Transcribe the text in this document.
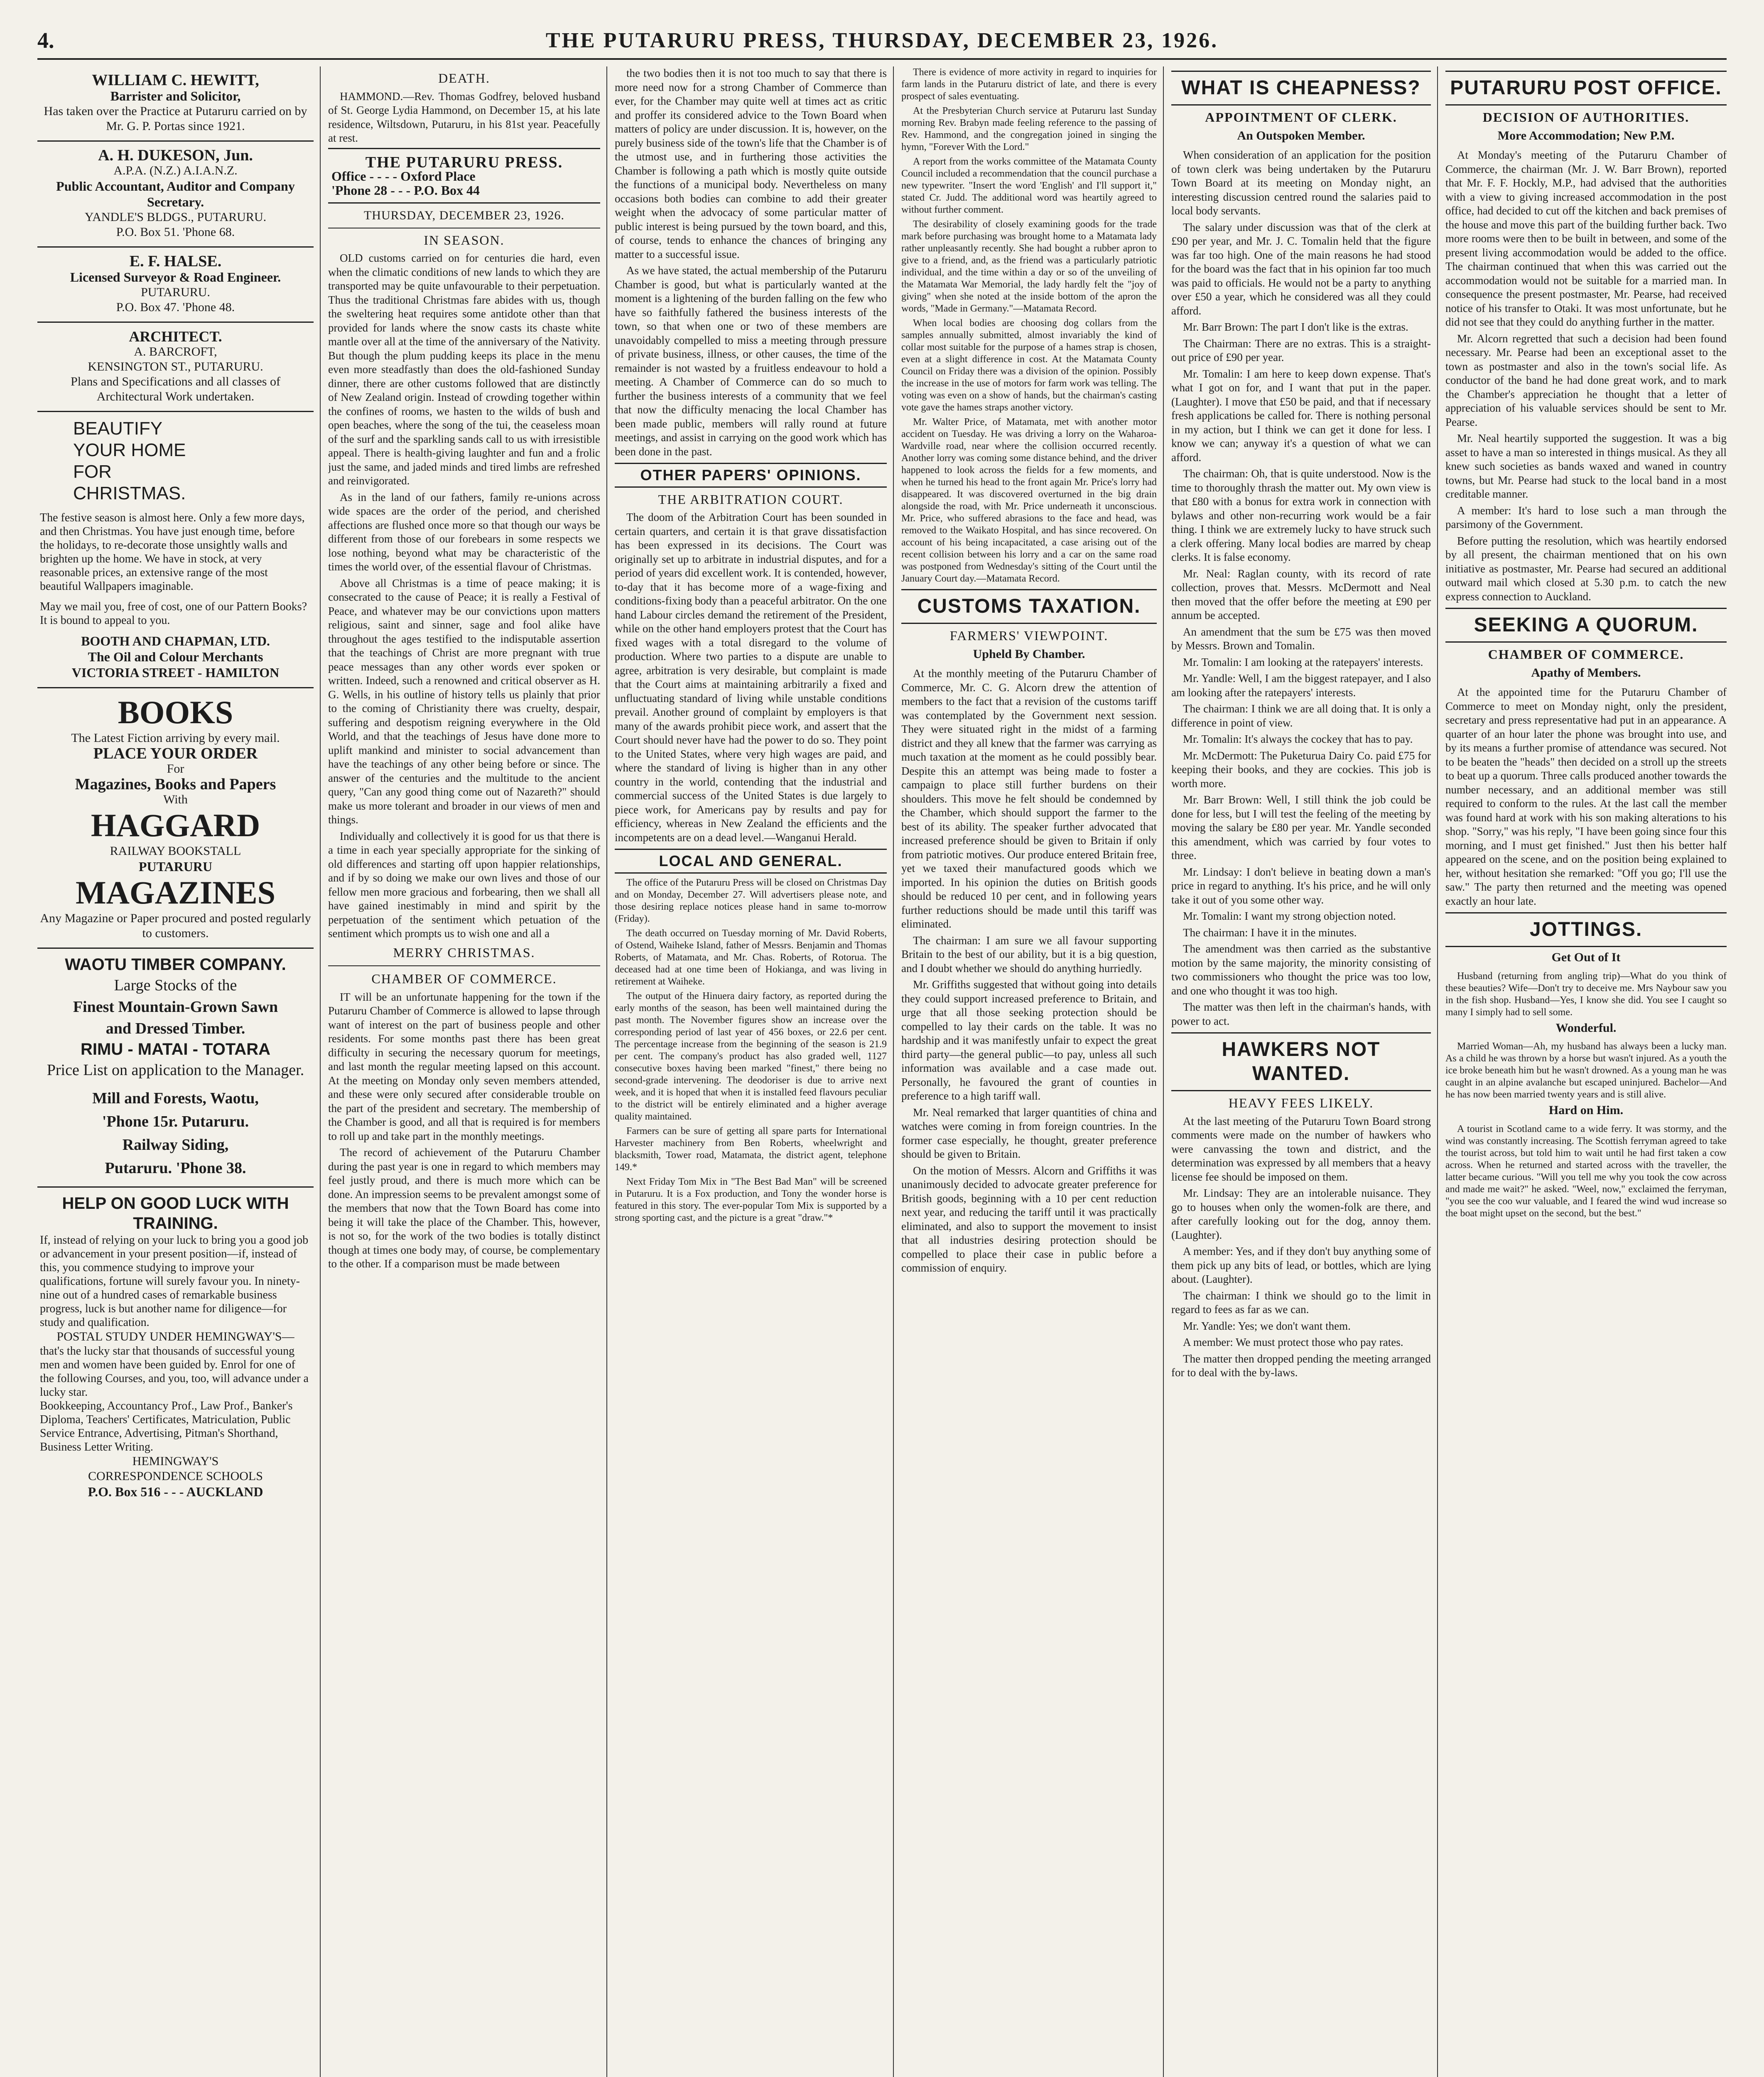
4.	THE PUTARURU PRESS, THURSDAY, DECEMBER 23, 1926.
WILLIAM C. HEWITT,
Barrister and Solicitor,
Has taken over the Practice at Putaruru carried on by Mr. G. P. Portas since 1921.
A. H. DUKESON, Jun.
A.P.A. (N.Z.) A.I.A.N.Z.
Public Accountant, Auditor and Company Secretary.
YANDLE'S BLDGS., PUTARURU.
P.O. Box 51. 'Phone 68.
E. F. HALSE.
Licensed Surveyor & Road Engineer.
PUTARURU.
P.O. Box 47. 'Phone 48.
ARCHITECT.
A. BARCROFT,
KENSINGTON ST., PUTARURU.
Plans and Specifications and all classes of Architectural Work undertaken.
BEAUTIFY
YOUR HOME
FOR
CHRISTMAS.
The festive season is almost here. Only a few more days, and then Christmas. You have just enough time, before the holidays, to re-decorate those unsightly walls and brighten up the home. We have in stock, at very reasonable prices, an extensive range of the most beautiful Wallpapers imaginable.
May we mail you, free of cost, one of our Pattern Books? It is bound to appeal to you.
BOOTH AND CHAPMAN, LTD.
The Oil and Colour Merchants
VICTORIA STREET - HAMILTON
BOOKS
The Latest Fiction arriving by every mail.
PLACE YOUR ORDER
For
Magazines, Books and Papers
With
HAGGARD
RAILWAY BOOKSTALL
PUTARURU
MAGAZINES
Any Magazine or Paper procured and posted regularly to customers.
WAOTU TIMBER COMPANY.
Large Stocks of the
Finest Mountain-Grown Sawn
and Dressed Timber.
RIMU - MATAI - TOTARA
Price List on application to the Manager.
Mill and Forests, Waotu,
'Phone 15r. Putaruru.
Railway Siding,
Putaruru. 'Phone 38.
HELP ON GOOD LUCK WITH TRAINING.
If, instead of relying on your luck to bring you a good job or advancement in your present position—if, instead of this, you commence studying to improve your qualifications, fortune will surely favour you. In ninety-nine out of a hundred cases of remarkable business progress, luck is but another name for diligence—for study and qualification.
POSTAL STUDY UNDER HEMINGWAY'S—
that's the lucky star that thousands of successful young men and women have been guided by. Enrol for one of the following Courses, and you, too, will advance under a lucky star.
Bookkeeping, Accountancy Prof., Law Prof., Banker's Diploma, Teachers' Certificates, Matriculation, Public Service Entrance, Advertising, Pitman's Shorthand, Business Letter Writing.
HEMINGWAY'S
CORRESPONDENCE SCHOOLS
P.O. Box 516 - - - AUCKLAND
DEATH.

HAMMOND.—Rev. Thomas Godfrey, beloved husband of St. George Lydia Hammond, on December 15, at his late residence, Wiltsdown, Putaruru, in his 81st year. Peacefully at rest.

THE PUTARURU PRESS.
Office - - - - Oxford Place
'Phone 28 - - - P.O. Box 44
THURSDAY, DECEMBER 23, 1926.
IN SEASON.

OLD customs carried on for centuries die hard, even when the climatic conditions of new lands to which they are transported may be quite unfavourable to their perpetuation. Thus the traditional Christmas fare abides with us, though the sweltering heat requires some antidote other than that provided for lands where the snow casts its chaste white mantle over all at the time of the anniversary of the Nativity. But though the plum pudding keeps its place in the menu even more steadfastly than does the old-fashioned Sunday dinner, there are other customs followed that are distinctly of New Zealand origin. Instead of crowding together within the confines of rooms, we hasten to the wilds of bush and open beaches, where the song of the tui, the ceaseless moan of the surf and the sparkling sands call to us with irresistible appeal. There is health-giving laughter and fun and a frolic just the same, and jaded minds and tired limbs are refreshed and reinvigorated.

As in the land of our fathers, family re-unions across wide spaces are the order of the period, and cherished affections are flushed once more so that though our ways be different from those of our forebears in some respects we lose nothing, beyond what may be characteristic of the times the world over, of the essential flavour of Christmas.

Above all Christmas is a time of peace making; it is consecrated to the cause of Peace; it is really a Festival of Peace, and whatever may be our convictions upon matters religious, saint and sinner, sage and fool alike have throughout the ages testified to the indisputable assertion that the teachings of Christ are more pregnant with true peace messages than any other words ever spoken or written. Indeed, such a renowned and critical observer as H. G. Wells, in his outline of history tells us plainly that prior to the coming of Christianity there was cruelty, despair, suffering and despotism reigning everywhere in the Old World, and that the teachings of Jesus have done more to uplift mankind and minister to social advancement than have the teachings of any other being before or since. The answer of the centuries and the multitude to the ancient query, "Can any good thing come out of Nazareth?" should make us more tolerant and broader in our views of men and things.

Individually and collectively it is good for us that there is a time in each year specially appropriate for the sinking of old differences and starting off upon happier relationships, and if by so doing we make our own lives and those of our fellow men more gracious and forbearing, then we shall all have gained inestimably in mind and spirit by the perpetuation of the sentiment which petuation of the sentiment which prompts us to wish one and all a

MERRY CHRISTMAS.
CHAMBER OF COMMERCE.

IT will be an unfortunate happening for the town if the Putaruru Chamber of Commerce is allowed to lapse through want of interest on the part of business people and other residents. For some months past there has been great difficulty in securing the necessary quorum for meetings, and last month the regular meeting lapsed on this account. At the meeting on Monday only seven members attended, and these were only secured after considerable trouble on the part of the president and secretary. The membership of the Chamber is good, and all that is required is for members to roll up and take part in the monthly meetings.

The record of achievement of the Putaruru Chamber during the past year is one in regard to which members may feel justly proud, and there is much more which can be done. An impression seems to be prevalent amongst some of the members that now that the Town Board has come into being it will take the place of the Chamber. This, however, is not so, for the work of the two bodies is totally distinct though at times one body may, of course, be complementary to the other. If a comparison must be made between

the two bodies then it is not too much to say that there is more need now for a strong Chamber of Commerce than ever, for the Chamber may quite well at times act as critic and proffer its considered advice to the Town Board when matters of policy are under discussion. It is, however, on the purely business side of the town's life that the Chamber is of the utmost use, and in furthering those activities the Chamber is following a path which is mostly quite outside the functions of a municipal body. Nevertheless on many occasions both bodies can combine to add their greater weight when the advocacy of some particular matter of public interest is being pursued by the town board, and this, of course, tends to enhance the chances of bringing any matter to a successful issue.

As we have stated, the actual membership of the Putaruru Chamber is good, but what is particularly wanted at the moment is a lightening of the burden falling on the few who have so faithfully fathered the business interests of the town, so that when one or two of these members are unavoidably compelled to miss a meeting through pressure of private business, illness, or other causes, the time of the remainder is not wasted by a fruitless endeavour to hold a meeting. A Chamber of Commerce can do so much to further the business interests of a community that we feel that now the difficulty menacing the local Chamber has been made public, members will rally round at future meetings, and assist in carrying on the good work which has been done in the past.

OTHER PAPERS' OPINIONS.
THE ARBITRATION COURT.

The doom of the Arbitration Court has been sounded in certain quarters, and certain it is that grave dissatisfaction has been expressed in its decisions. The Court was originally set up to arbitrate in industrial disputes, and for a period of years did excellent work. It is contended, however, to-day that it has become more of a wage-fixing and conditions-fixing body than a peaceful arbitrator. On the one hand Labour circles demand the retirement of the President, while on the other hand employers protest that the Court has fixed wages with a total disregard to the volume of production. Where two parties to a dispute are unable to agree, arbitration is very desirable, but complaint is made that the Court aims at maintaining arbitrarily a fixed and unfluctuating standard of living while unstable conditions prevail. Another ground of complaint by employers is that many of the awards prohibit piece work, and assert that the Court should never have had the power to do so. They point to the United States, where very high wages are paid, and where the standard of living is higher than in any other country in the world, contending that the industrial and commercial success of the United States is due largely to piece work, for Americans pay by results and pay for efficiency, whereas in New Zealand the efficients and the incompetents are on a dead level.—Wanganui Herald.

LOCAL AND GENERAL.

The office of the Putaruru Press will be closed on Christmas Day and on Monday, December 27. Will advertisers please note, and those desiring replace notices please hand in same to-morrow (Friday).

The death occurred on Tuesday morning of Mr. David Roberts, of Ostend, Waiheke Island, father of Messrs. Benjamin and Thomas Roberts, of Matamata, and Mr. Chas. Roberts, of Rotorua. The deceased had at one time been of Hokianga, and was living in retirement at Waiheke.

The output of the Hinuera dairy factory, as reported during the early months of the season, has been well maintained during the past month. The November figures show an increase over the corresponding period of last year of 456 boxes, or 22.6 per cent. The percentage increase from the beginning of the season is 21.9 per cent. The company's product has also graded well, 1127 consecutive boxes having been marked "finest," there being no second-grade intervening. The deodoriser is due to arrive next week, and it is hoped that when it is installed feed flavours peculiar to the district will be entirely eliminated and a higher average quality maintained.

Farmers can be sure of getting all spare parts for International Harvester machinery from Ben Roberts, wheelwright and blacksmith, Tower road, Matamata, the district agent, telephone 149.*

Next Friday Tom Mix in "The Best Bad Man" will be screened in Putaruru. It is a Fox production, and Tony the wonder horse is featured in this story. The ever-popular Tom Mix is supported by a strong sporting cast, and the picture is a great "draw."*

There is evidence of more activity in regard to inquiries for farm lands in the Putaruru district of late, and there is every prospect of sales eventuating.

At the Presbyterian Church service at Putaruru last Sunday morning Rev. Brabyn made feeling reference to the passing of Rev. Hammond, and the congregation joined in singing the hymn, "Forever With the Lord."

A report from the works committee of the Matamata County Council included a recommendation that the council purchase a new typewriter. "Insert the word 'English' and I'll support it," stated Cr. Judd. The additional word was heartily agreed to without further comment.

The desirability of closely examining goods for the trade mark before purchasing was brought home to a Matamata lady rather unpleasantly recently. She had bought a rubber apron to give to a friend, and, as the friend was a particularly patriotic individual, and the time within a day or so of the unveiling of the Matamata War Memorial, the lady hardly felt the "joy of giving" when she noted at the inside bottom of the apron the words, "Made in Germany."—Matamata Record.

When local bodies are choosing dog collars from the samples annually submitted, almost invariably the kind of collar most suitable for the purpose of a hames strap is chosen, even at a slight difference in cost. At the Matamata County Council on Friday there was a division of the opinion. Possibly the increase in the use of motors for farm work was telling. The voting was even on a show of hands, but the chairman's casting vote gave the hames straps another victory.

Mr. Walter Price, of Matamata, met with another motor accident on Tuesday. He was driving a lorry on the Waharoa-Wardville road, near where the collision occurred recently. Another lorry was coming some distance behind, and the driver happened to look across the fields for a few moments, and when he turned his head to the front again Mr. Price's lorry had disappeared. It was discovered overturned in the big drain alongside the road, with Mr. Price underneath it unconscious. Mr. Price, who suffered abrasions to the face and head, was removed to the Waikato Hospital, and has since recovered. On account of his being incapacitated, a case arising out of the recent collision between his lorry and a car on the same road was postponed from Wednesday's sitting of the Court until the January Court day.—Matamata Record.

CUSTOMS TAXATION.
FARMERS' VIEWPOINT.
Upheld By Chamber.

At the monthly meeting of the Putaruru Chamber of Commerce, Mr. C. G. Alcorn drew the attention of members to the fact that a revision of the customs tariff was contemplated by the Government next session. They were situated right in the midst of a farming district and they all knew that the farmer was carrying as much taxation at the moment as he could possibly bear. Despite this an attempt was being made to foster a campaign to place still further burdens on their shoulders. This move he felt should be condemned by the Chamber, which should support the farmer to the best of its ability. The speaker further advocated that increased preference should be given to Britain if only from patriotic motives. Our produce entered Britain free, yet we taxed their manufactured goods which we imported. In his opinion the duties on British goods should be reduced 10 per cent, and in following years further reductions should be made until this tariff was eliminated.

The chairman: I am sure we all favour supporting Britain to the best of our ability, but it is a big question, and I doubt whether we should do anything hurriedly.

Mr. Griffiths suggested that without going into details they could support increased preference to Britain, and urge that all those seeking protection should be compelled to lay their cards on the table. It was no hardship and it was manifestly unfair to expect the great third party—the general public—to pay, unless all such information was available and a case made out. Personally, he favoured the grant of counties in preference to a high tariff wall.

Mr. Neal remarked that larger quantities of china and watches were coming in from foreign countries. In the former case especially, he thought, greater preference should be given to Britain.

On the motion of Messrs. Alcorn and Griffiths it was unanimously decided to advocate greater preference for British goods, beginning with a 10 per cent reduction next year, and reducing the tariff until it was practically eliminated, and also to support the movement to insist that all industries desiring protection should be compelled to place their case in public before a commission of enquiry.

WHAT IS CHEAPNESS?
APPOINTMENT OF CLERK.
An Outspoken Member.

When consideration of an application for the position of town clerk was being undertaken by the Putaruru Town Board at its meeting on Monday night, an interesting discussion centred round the salaries paid to local body servants.

The salary under discussion was that of the clerk at £90 per year, and Mr. J. C. Tomalin held that the figure was far too high. One of the main reasons he had stood for the board was the fact that in his opinion far too much was paid to officials. He would not be a party to anything over £50 a year, which he considered was all they could afford.

Mr. Barr Brown: The part I don't like is the extras.

The Chairman: There are no extras. This is a straight-out price of £90 per year.

Mr. Tomalin: I am here to keep down expense. That's what I got on for, and I want that put in the paper. (Laughter). I move that £50 be paid, and that if necessary fresh applications be called for. There is nothing personal in my action, but I think we can get it done for less. I know we can; anyway it's a question of what we can afford.

The chairman: Oh, that is quite understood. Now is the time to thoroughly thrash the matter out. My own view is that £80 with a bonus for extra work in connection with bylaws and other non-recurring work would be a fair thing. I think we are extremely lucky to have struck such a clerk offering. Many local bodies are marred by cheap clerks. It is false economy.

Mr. Neal: Raglan county, with its record of rate collection, proves that. Messrs. McDermott and Neal then moved that the offer before the meeting at £90 per annum be accepted.

An amendment that the sum be £75 was then moved by Messrs. Brown and Tomalin.

Mr. Tomalin: I am looking at the ratepayers' interests.

Mr. Yandle: Well, I am the biggest ratepayer, and I also am looking after the ratepayers' interests.

The chairman: I think we are all doing that. It is only a difference in point of view.

Mr. Tomalin: It's always the cockey that has to pay.

Mr. McDermott: The Puketurua Dairy Co. paid £75 for keeping their books, and they are cockies. This job is worth more.

Mr. Barr Brown: Well, I still think the job could be done for less, but I will test the feeling of the meeting by moving the salary be £80 per year. Mr. Yandle seconded this amendment, which was carried by four votes to three.

Mr. Lindsay: I don't believe in beating down a man's price in regard to anything. It's his price, and he will only take it out of you some other way.

Mr. Tomalin: I want my strong objection noted.

The chairman: I have it in the minutes.

The amendment was then carried as the substantive motion by the same majority, the minority consisting of two commissioners who thought the price was too low, and one who thought it was too high.

The matter was then left in the chairman's hands, with power to act.

HAWKERS NOT WANTED.
HEAVY FEES LIKELY.

At the last meeting of the Putaruru Town Board strong comments were made on the number of hawkers who were canvassing the town and district, and the determination was expressed by all members that a heavy license fee should be imposed on them.

Mr. Lindsay: They are an intolerable nuisance. They go to houses when only the women-folk are there, and after carefully looking out for the dog, annoy them. (Laughter).

A member: Yes, and if they don't buy anything some of them pick up any bits of lead, or bottles, which are lying about. (Laughter).

The chairman: I think we should go to the limit in regard to fees as far as we can.

Mr. Yandle: Yes; we don't want them.

A member: We must protect those who pay rates.

The matter then dropped pending the meeting arranged for to deal with the by-laws.

PUTARURU POST OFFICE.
DECISION OF AUTHORITIES.
More Accommodation; New P.M.

At Monday's meeting of the Putaruru Chamber of Commerce, the chairman (Mr. J. W. Barr Brown), reported that Mr. F. F. Hockly, M.P., had advised that the authorities with a view to giving increased accommodation in the post office, had decided to cut off the kitchen and back premises of the house and move this part of the building further back. Two more rooms were then to be built in between, and some of the present living accommodation would be added to the office. The chairman continued that when this was carried out the accommodation would not be suitable for a married man. In consequence the present postmaster, Mr. Pearse, had received notice of his transfer to Otaki. It was most unfortunate, but he did not see that they could do anything further in the matter.

Mr. Alcorn regretted that such a decision had been found necessary. Mr. Pearse had been an exceptional asset to the town as postmaster and also in the town's social life. As conductor of the band he had done great work, and to mark the Chamber's appreciation he thought that a letter of appreciation of his valuable services should be sent to Mr. Pearse.

Mr. Neal heartily supported the suggestion. It was a big asset to have a man so interested in things musical. As they all knew such societies as bands waxed and waned in country towns, but Mr. Pearse had stuck to the local band in a most creditable manner.

A member: It's hard to lose such a man through the parsimony of the Government.

Before putting the resolution, which was heartily endorsed by all present, the chairman mentioned that on his own initiative as postmaster, Mr. Pearse had secured an additional outward mail which closed at 5.30 p.m. to catch the new express connection to Auckland.

SEEKING A QUORUM.
CHAMBER OF COMMERCE.
Apathy of Members.

At the appointed time for the Putaruru Chamber of Commerce to meet on Monday night, only the president, secretary and press representative had put in an appearance. A quarter of an hour later the phone was brought into use, and by its means a further promise of attendance was secured. Not to be beaten the "heads" then decided on a stroll up the streets to beat up a quorum. Three calls produced another towards the number necessary, and an additional member was still required to conform to the rules. At the last call the member was found hard at work with his son making alterations to his shop. "Sorry," was his reply, "I have been going since four this morning, and I must get finished." Just then his better half appeared on the scene, and on the position being explained to her, without hesitation she remarked: "Off you go; I'll use the saw." The party then returned and the meeting was opened exactly an hour late.

JOTTINGS.
Get Out of It

Husband (returning from angling trip)—What do you think of these beauties? Wife—Don't try to deceive me. Mrs Naybour saw you in the fish shop. Husband—Yes, I know she did. You see I caught so many I simply had to sell some.

Wonderful.

Married Woman—Ah, my husband has always been a lucky man. As a child he was thrown by a horse but wasn't injured. As a youth the ice broke beneath him but he wasn't drowned. As a young man he was caught in an alpine avalanche but escaped uninjured. Bachelor—And he has now been married twenty years and is still alive.

Hard on Him.

A tourist in Scotland came to a wide ferry. It was stormy, and the wind was constantly increasing. The Scottish ferryman agreed to take the tourist across, but told him to wait until he had first taken a cow across. When he returned and started across with the traveller, the latter became curious. "Will you tell me why you took the cow across and made me wait?" he asked. "Weel, now," exclaimed the ferryman, "you see the coo wur valuable, and I feared the wind wud increase so the boat might upset on the second, but the best."
